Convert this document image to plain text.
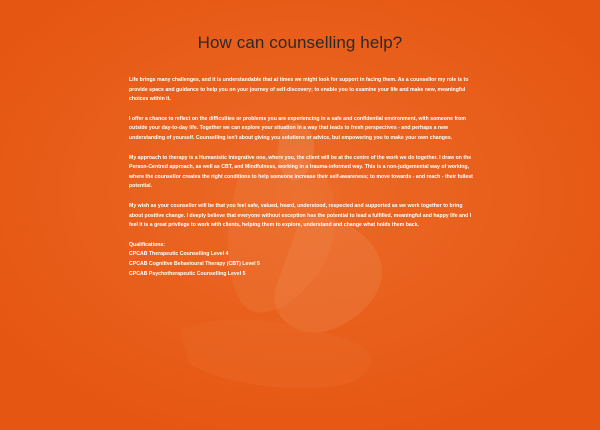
How can counselling help?

Life brings many challenges, and it is understandable that at times we might look for support in facing them. As a counsellor my role is to provide space and guidance to help you on your journey of self-discovery; to enable you to examine your life and make new, meaningful choices within it.

I offer a chance to reflect on the difficulties or problems you are experiencing in a safe and confidential environment, with someone from outside your day-to-day life. Together we can explore your situation in a way that leads to fresh perspectives - and perhaps a new understanding of yourself. Counselling isn't about giving you solutions or advice, but empowering you to make your own changes.

My approach to therapy is a Humanistic Integrative one, where you, the client will be at the centre of the work we do together. I draw on the Person-Centred approach, as well as CBT, and Mindfulness, working in a trauma-informed way. This is a non-judgemental way of working, where the counsellor creates the right conditions to help someone increase their self-awareness; to move towards - and reach - their fullest potential.

My wish as your counsellor will be that you feel safe, valued, heard, understood, respected and supported as we work together to bring about positive change. I deeply believe that everyone without exception has the potential to lead a fulfilled, meaningful and happy life and I feel it is a great privilege to work with clients, helping them to explore, understand and change what holds them back.

Qualifications:
CPCAB Therapeutic Counselling Level 4
CPCAB Cognitive Behavioural Therapy (CBT) Level 5
CPCAB Psychotherapeutic Counselling Level 5
